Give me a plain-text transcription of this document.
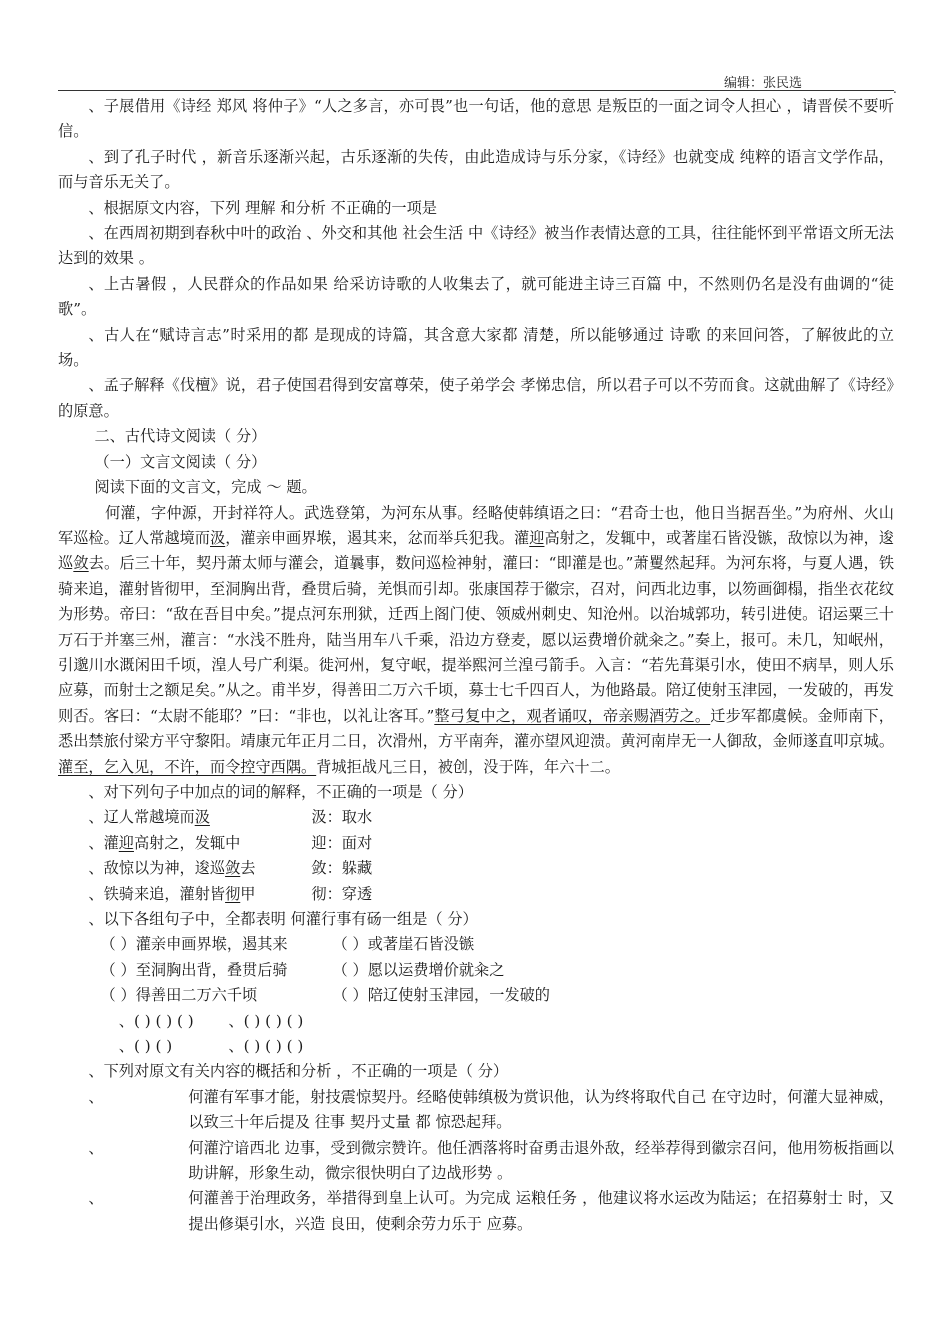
编辑：张民选	.

、子展借用《诗经 郑风 将仲子》“人之多言，亦可畏”也一句话，他的意思 是叛臣的一面之词令人担心 ，请晋侯不要听信。

、到了孔子时代 ，新音乐逐渐兴起，古乐逐渐的失传，由此造成诗与乐分家，《诗经》也就变成 纯粹的语言文学作品，而与音乐无关了。

、根据原文内容，下列 理解 和分析 不正确的一项是

、在西周初期到春秋中叶的政治 、外交和其他 社会生活 中《诗经》被当作表情达意的工具，往往能怀到平常语文所无法 达到的效果 。

、上古暑假 ，人民群众的作品如果 给采访诗歌的人收集去了，就可能进主诗三百篇 中，不然则仍名是没有曲调的“徒歌”。

、古人在“赋诗言志”时采用的都 是现成的诗篇，其含意大家都 清楚，所以能够通过 诗歌 的来回问答，了解彼此的立场。

、孟子解释《伐檀》说，君子使国君得到安富尊荣，使子弟学会 孝悌忠信，所以君子可以不劳而食。这就曲解了《诗经》的原意。

二、古代诗文阅读（ 分）

（一）文言文阅读（ 分）

阅读下面的文言文，完成 ～ 题。

何灌，字仲源，开封祥符人。武选登第，为河东从事。经略使韩缜语之曰：“君奇士也，他日当据吾坐。”为府州、火山军巡检。辽人常越境而汲，灌亲申画界堠，遏其来，忿而举兵犯我。灌迎高射之，发辄中，或著崖石皆没镞，敌惊以为神，逡巡敛去。后三十年，契丹萧太师与灌会，道曩事，数问巡检神射，灌曰：“即灌是也。”萧矍然起拜。为河东将，与夏人遇，铁骑来追，灌射皆彻甲，至洞胸出背，叠贯后骑，羌惧而引却。张康国荐于徽宗，召对，问西北边事，以笏画御榻，指坐衣花纹为形势。帝曰：“敌在吾目中矣。”提点河东刑狱，迁西上阁门使、领威州刺史、知沧州。以治城郭功，转引进使。诏运粟三十万石于并塞三州，灌言：“水浅不胜舟，陆当用车八千乘，沿边方登麦，愿以运费增价就籴之。”奏上，报可。未几，知岷州，引邈川水溉闲田千顷，湟人号广利渠。徙河州，复守岷，提举熙河兰湟弓箭手。入言：“若先葺渠引水，使田不病旱，则人乐应募，而射士之额足矣。”从之。甫半岁，得善田二万六千顷，募士七千四百人，为他路最。陪辽使射玉津园，一发破的，再发则否。客曰：“太尉不能耶？”曰：“非也，以礼让客耳。”整弓复中之，观者诵叹，帝亲赐酒劳之。迁步军都虞候。金师南下，悉出禁旅付梁方平守黎阳。靖康元年正月二日，次滑州，方平南奔，灌亦望风迎溃。黄河南岸无一人御敌，金师遂直叩京城。灌至，乞入见，不许，而令控守西隅。背城拒战凡三日，被创，没于阵，年六十二。

、对下列句子中加点的词的解释，不正确的一项是（ 分）

、辽人常越境而汲	汲：取水
、灌迎高射之，发辄中	迎：面对
、敌惊以为神，逡巡敛去	敛：躲藏
、铁骑来追，灌射皆彻甲	彻：穿透

、以下各组句子中，全都表明 何灌行事有砀一组是（ 分）

（ ）灌亲申画界堠，遏其来	（ ）或著崖石皆没镞

（ ）至洞胸出背，叠贯后骑	（ ）愿以运费增价就籴之

（ ）得善田二万六千顷	（ ）陪辽使射玉津园，一发破的

、( ) ( ) ( ) 、( ) ( ) ( )

、( ) ( )	、( ) ( ) ( )

、下列对原文有关内容的概括和分析 ，不正确的一项是（ 分）

、	何灌有军事才能，射技震惊契丹。经略使韩缜极为赏识他，认为终将取代自己 在守边时，何灌大显神威，以致三十年后提及 往事 契丹丈量 都 惊恐起拜。
、	何灌泞谙西北 边事，受到微宗赞许。他任洒落将时奋勇击退外敌，经举荐得到徽宗召问，他用笏板指画以助讲解，形象生动，微宗很快明白了边战形势 。
、	何灌善于治理政务，举措得到皇上认可。为完成 运粮任务 ，他建议将水运改为陆运；在招募射士 时，又提出修渠引水，兴造 良田，使剩余劳力乐于 应募。
